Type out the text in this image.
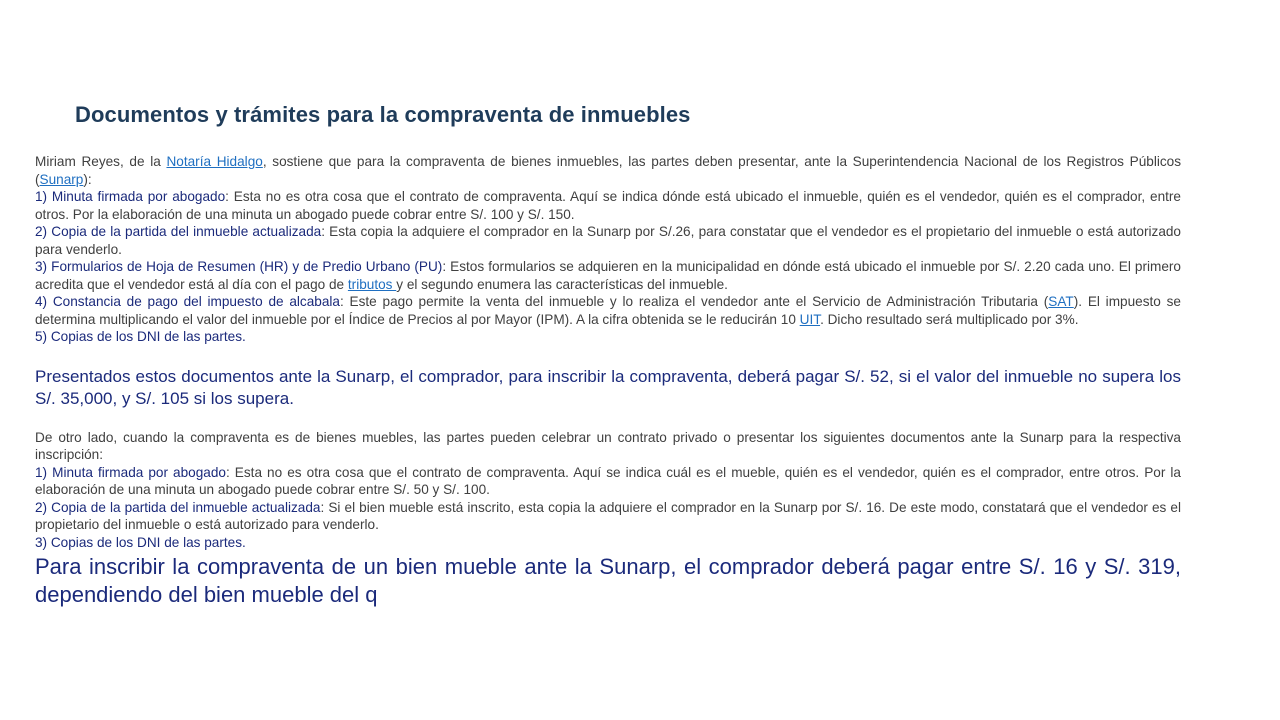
Documentos y trámites para la compraventa de inmuebles

Miriam Reyes, de la Notaría Hidalgo, sostiene que para la compraventa de bienes inmuebles, las partes deben presentar, ante la Superintendencia Nacional de los Registros Públicos (Sunarp):

1) Minuta firmada por abogado: Esta no es otra cosa que el contrato de compraventa. Aquí se indica dónde está ubicado el inmueble, quién es el vendedor, quién es el comprador, entre otros. Por la elaboración de una minuta un abogado puede cobrar entre S/. 100 y S/. 150.

2) Copia de la partida del inmueble actualizada: Esta copia la adquiere el comprador en la Sunarp por S/.26, para constatar que el vendedor es el propietario del inmueble o está autorizado para venderlo.

3) Formularios de Hoja de Resumen (HR) y de Predio Urbano (PU): Estos formularios se adquieren en la municipalidad en dónde está ubicado el inmueble por S/. 2.20 cada uno. El primero acredita que el vendedor está al día con el pago de tributos y el segundo enumera las características del inmueble.

4) Constancia de pago del impuesto de alcabala: Este pago permite la venta del inmueble y lo realiza el vendedor ante el Servicio de Administración Tributaria (SAT). El impuesto se determina multiplicando el valor del inmueble por el Índice de Precios al por Mayor (IPM). A la cifra obtenida se le reducirán 10 UIT. Dicho resultado será multiplicado por 3%.

5) Copias de los DNI de las partes.

Presentados estos documentos ante la Sunarp, el comprador, para inscribir la compraventa, deberá pagar S/. 52, si el valor del inmueble no supera los S/. 35,000, y S/. 105 si los supera.

De otro lado, cuando la compraventa es de bienes muebles, las partes pueden celebrar un contrato privado o presentar los siguientes documentos ante la Sunarp para la respectiva inscripción:

1) Minuta firmada por abogado: Esta no es otra cosa que el contrato de compraventa. Aquí se indica cuál es el mueble, quién es el vendedor, quién es el comprador, entre otros. Por la elaboración de una minuta un abogado puede cobrar entre S/. 50 y S/. 100.

2) Copia de la partida del inmueble actualizada: Si el bien mueble está inscrito, esta copia la adquiere el comprador en la Sunarp por S/. 16. De este modo, constatará que el vendedor es el propietario del inmueble o está autorizado para venderlo.

3) Copias de los DNI de las partes.

Para inscribir la compraventa de un bien mueble ante la Sunarp, el comprador deberá pagar entre S/. 16 y S/. 319, dependiendo del bien mueble del q
